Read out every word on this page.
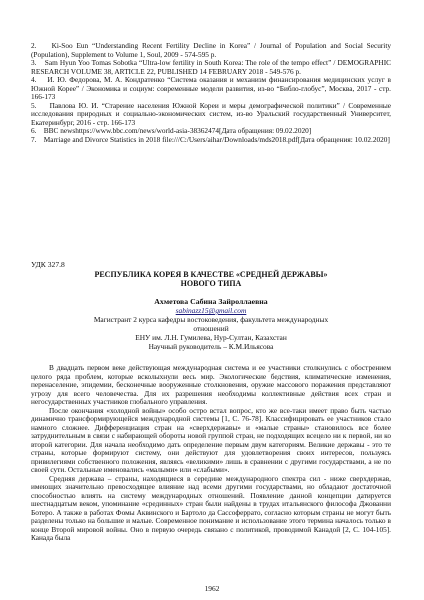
2.    Ki-Soo Eun “Understanding Recent Fertility Decline in Korea” / Journal of Population and Social Security (Population), Supplement to Volume 1, Soul, 2009 - 574-595 p.

3.    Sam Hyun Yoo Tomas Sobotka “Ultra-low fertility in South Korea: The role of the tempo effect” / DEMOGRAPHIC RESEARCH VOLUME 38, ARTICLE 22, PUBLISHED 14 FEBRUARY 2018 - 549-576 p.

4.    И. Ю. Федорова, М. А. Кондратенко “Система оказания и механизм финансирования медицинских услуг в Южной Корее” / Экономика и социум: современные модели развития, из-во “Библо-глобус”, Москва, 2017 - стр. 166-173

5.    Павлова Ю. И. “Старение населения Южной Кореи и меры демографической политики” / Современные исследования природных и социально-экономических систем, из-во Уральский государственный Университет, Екатеринбург, 2016 - стр. 166-173

6.    BBC newshttps://www.bbc.com/news/world-asia-38362474[Дата обращения: 09.02.2020]

7.    Marriage and Divorce Statistics in 2018 file:///C:/Users/aihar/Downloads/mds2018.pdf[Дата обращения: 10.02.2020]

УДК 327.8
РЕСПУБЛИКА КОРЕЯ В КАЧЕСТВЕ «СРЕДНЕЙ ДЕРЖАВЫ»
НОВОГО ТИПА
Ахметова Сабина Зайроллаевна
sabinazz15@gmail.com
Магистрант 2 курса кафедры востоковедения, факультета международных
отношений
ЕНУ им. Л.Н. Гумилева, Нур-Султан, Казахстан
Научный руководитель – К.М.Ильясова

В двадцать первом веке действующая международная система и ее участники столкнулись с обострением целого ряда проблем, которые всколыхнули весь мир. Экологические бедствия, климатические изменения, перенаселение, эпидемии, бесконечные вооруженные столкновения, оружие массового поражения представляют угрозу для всего человечества. Для их разрешения необходимы коллективные действия всех стран и негосударственных участников глобального управления.

После окончания «холодной войны» особо остро встал вопрос, кто же все-таки имеет право быть частью динамично трансформирующейся международной системы [1, С. 76-78]. Классифицировать ее участников стало намного сложнее. Дифференциация стран на «сверхдержавы» и «малые страны» становилось все более затруднительным в связи с набирающей обороты новой группой стран, не подходящих всецело ни к первой, ни ко второй категории. Для начала необходимо дать определение первым двум категориям. Великие державы - это те страны, которые формируют систему, они действуют для удовлетворения своих интересов, пользуясь привилегиями собственного положения, являясь «великими» лишь в сравнении с другими государствами, а не по своей сути. Остальные именовались «малыми» или «слабыми».

Средняя держава – страны, находящиеся в середине международного спектра сил - ниже сверхдержав, имеющих значительно превосходящее влияние над всеми другими государствами, но обладают достаточной способностью влиять на систему международных отношений. Появление данной концепции датируется шестнадцатым веком, упоминание «срединных» стран были найдены в трудах итальянского философа Джованни Ботеро. А также в работах Фомы Аквинского и Бартоло да Сассоферрато, согласно которым страны не могут быть разделены только на большие и малые. Современное понимание и использование этого термина началось только в конце Второй мировой войны. Оно в первую очередь связано с политикой, проводимой Канадой [2, С. 104-105]. Канада была

1962
